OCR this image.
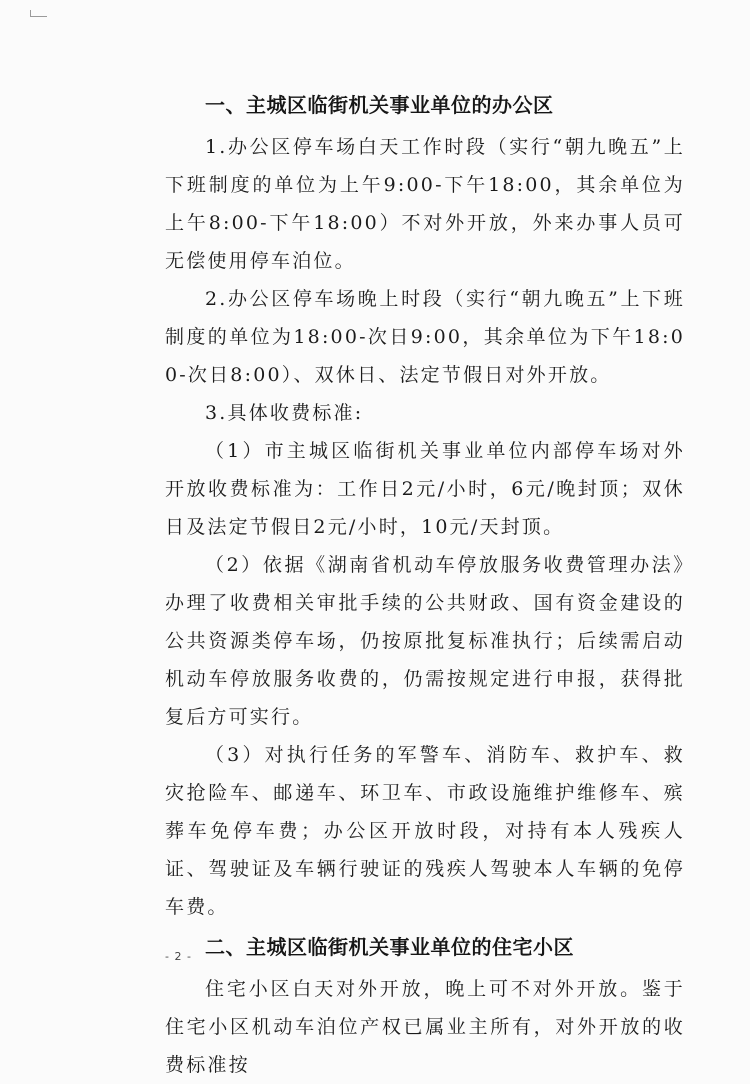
一、主城区临街机关事业单位的办公区

1.办公区停车场白天工作时段（实行“朝九晚五”上下班制度的单位为上午9:00-下午18:00，其余单位为上午8:00-下午18:00）不对外开放，外来办事人员可无偿使用停车泊位。

2.办公区停车场晚上时段（实行“朝九晚五”上下班制度的单位为18:00-次日9:00，其余单位为下午18:00-次日8:00）、双休日、法定节假日对外开放。

3.具体收费标准:

（1）市主城区临街机关事业单位内部停车场对外开放收费标准为：工作日2元/小时，6元/晚封顶；双休日及法定节假日2元/小时，10元/天封顶。

（2）依据《湖南省机动车停放服务收费管理办法》办理了收费相关审批手续的公共财政、国有资金建设的公共资源类停车场，仍按原批复标准执行；后续需启动机动车停放服务收费的，仍需按规定进行申报，获得批复后方可实行。

（3）对执行任务的军警车、消防车、救护车、救灾抢险车、邮递车、环卫车、市政设施维护维修车、殡葬车免停车费；办公区开放时段，对持有本人残疾人证、驾驶证及车辆行驶证的残疾人驾驶本人车辆的免停车费。

二、主城区临街机关事业单位的住宅小区

住宅小区白天对外开放，晚上可不对外开放。鉴于住宅小区机动车泊位产权已属业主所有，对外开放的收费标准按

- 2 -
